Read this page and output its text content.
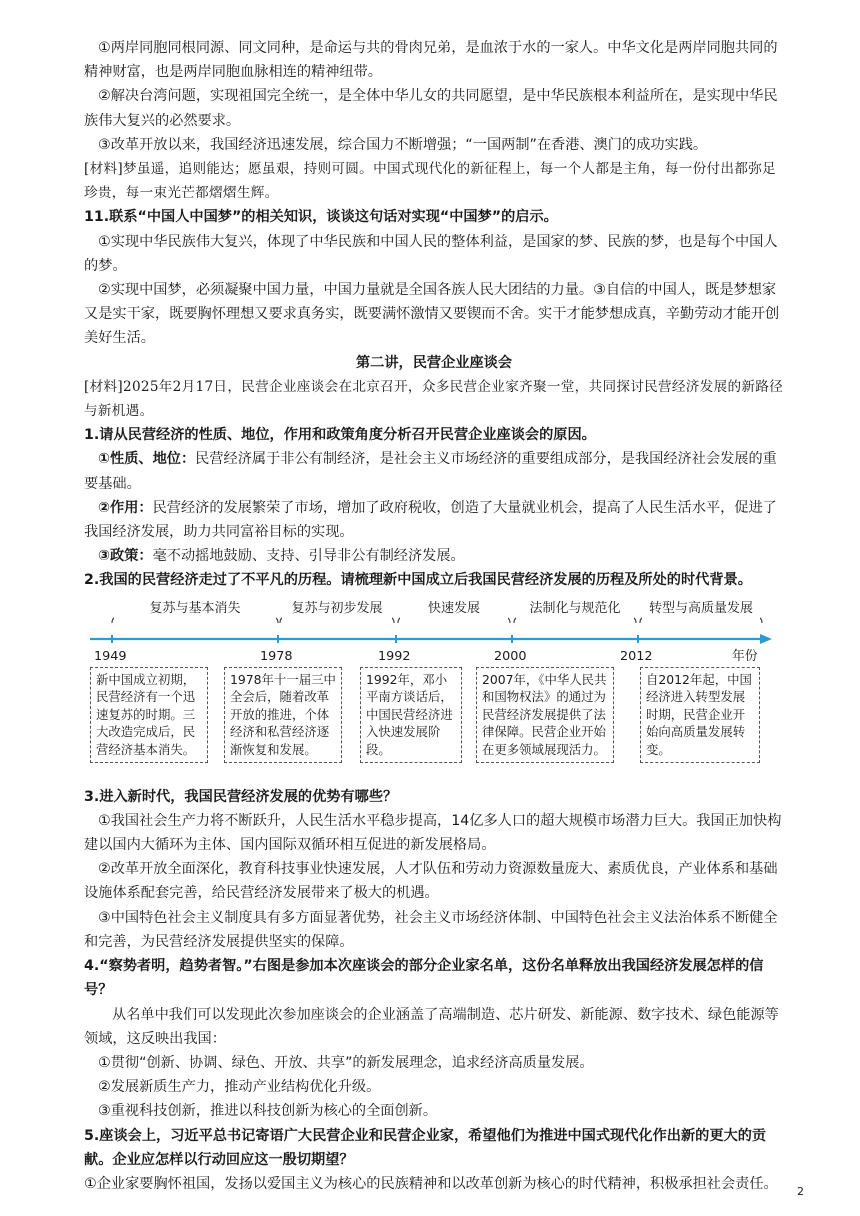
①两岸同胞同根同源、同文同种，是命运与共的骨肉兄弟，是血浓于水的一家人。中华文化是两岸同胞共同的精神财富，也是两岸同胞血脉相连的精神纽带。

②解决台湾问题，实现祖国完全统一，是全体中华儿女的共同愿望，是中华民族根本利益所在，是实现中华民族伟大复兴的必然要求。

③改革开放以来，我国经济迅速发展，综合国力不断增强；“一国两制”在香港、澳门的成功实践。

[材料]梦虽遥，追则能达；愿虽艰，持则可圆。中国式现代化的新征程上，每一个人都是主角，每一份付出都弥足珍贵，每一束光芒都熠熠生辉。

11.联系“中国人中国梦”的相关知识，谈谈这句话对实现“中国梦”的启示。

①实现中华民族伟大复兴，体现了中华民族和中国人民的整体利益，是国家的梦、民族的梦，也是每个中国人的梦。

②实现中国梦，必须凝聚中国力量，中国力量就是全国各族人民大团结的力量。③自信的中国人，既是梦想家又是实干家，既要胸怀理想又要求真务实，既要满怀激情又要锲而不舍。实干才能梦想成真，辛勤劳动才能开创美好生活。

第二讲，民营企业座谈会

[材料]2025年2月17日，民营企业座谈会在北京召开，众多民营企业家齐聚一堂，共同探讨民营经济发展的新路径与新机遇。

1.请从民营经济的性质、地位，作用和政策角度分析召开民营企业座谈会的原因。

①性质、地位：民营经济属于非公有制经济，是社会主义市场经济的重要组成部分，是我国经济社会发展的重要基础。

②作用：民营经济的发展繁荣了市场，增加了政府税收，创造了大量就业机会，提高了人民生活水平，促进了我国经济发展，助力共同富裕目标的实现。

③政策：毫不动摇地鼓励、支持、引导非公有制经济发展。

2.我国的民营经济走过了不平凡的历程。请梳理新中国成立后我国民营经济发展的历程及所处的时代背景。

复苏与基本消失	复苏与初步发展	快速发展	法制化与规范化	转型与高质量发展
1949	1978	1992	2000	2012	年份
新中国成立初期，民营经济有一个迅速复苏的时期。三大改造完成后，民营经济基本消失。
1978年十一届三中全会后，随着改革开放的推进，个体经济和私营经济逐渐恢复和发展。
1992年，邓小平南方谈话后，中国民营经济进入快速发展阶段。
2007年，《中华人民共和国物权法》的通过为民营经济发展提供了法律保障。民营企业开始在更多领域展现活力。
自2012年起，中国经济进入转型发展时期，民营企业开始向高质量发展转变。

3.进入新时代，我国民营经济发展的优势有哪些？

①我国社会生产力将不断跃升，人民生活水平稳步提高，14亿多人口的超大规模市场潜力巨大。我国正加快构建以国内大循环为主体、国内国际双循环相互促进的新发展格局。

②改革开放全面深化，教育科技事业快速发展，人才队伍和劳动力资源数量庞大、素质优良，产业体系和基础设施体系配套完善，给民营经济发展带来了极大的机遇。

③中国特色社会主义制度具有多方面显著优势，社会主义市场经济体制、中国特色社会主义法治体系不断健全和完善，为民营经济发展提供坚实的保障。

4.“察势者明，趋势者智。”右图是参加本次座谈会的部分企业家名单，这份名单释放出我国经济发展怎样的信号？

从名单中我们可以发现此次参加座谈会的企业涵盖了高端制造、芯片研发、新能源、数字技术、绿色能源等领域，这反映出我国：

①贯彻“创新、协调、绿色、开放、共享”的新发展理念，追求经济高质量发展。

②发展新质生产力，推动产业结构优化升级。

③重视科技创新，推进以科技创新为核心的全面创新。

5.座谈会上，习近平总书记寄语广大民营企业和民营企业家，希望他们为推进中国式现代化作出新的更大的贡献。企业应怎样以行动回应这一殷切期望？

①企业家要胸怀祖国，发扬以爱国主义为核心的民族精神和以改革创新为核心的时代精神，积极承担社会责任。	2
